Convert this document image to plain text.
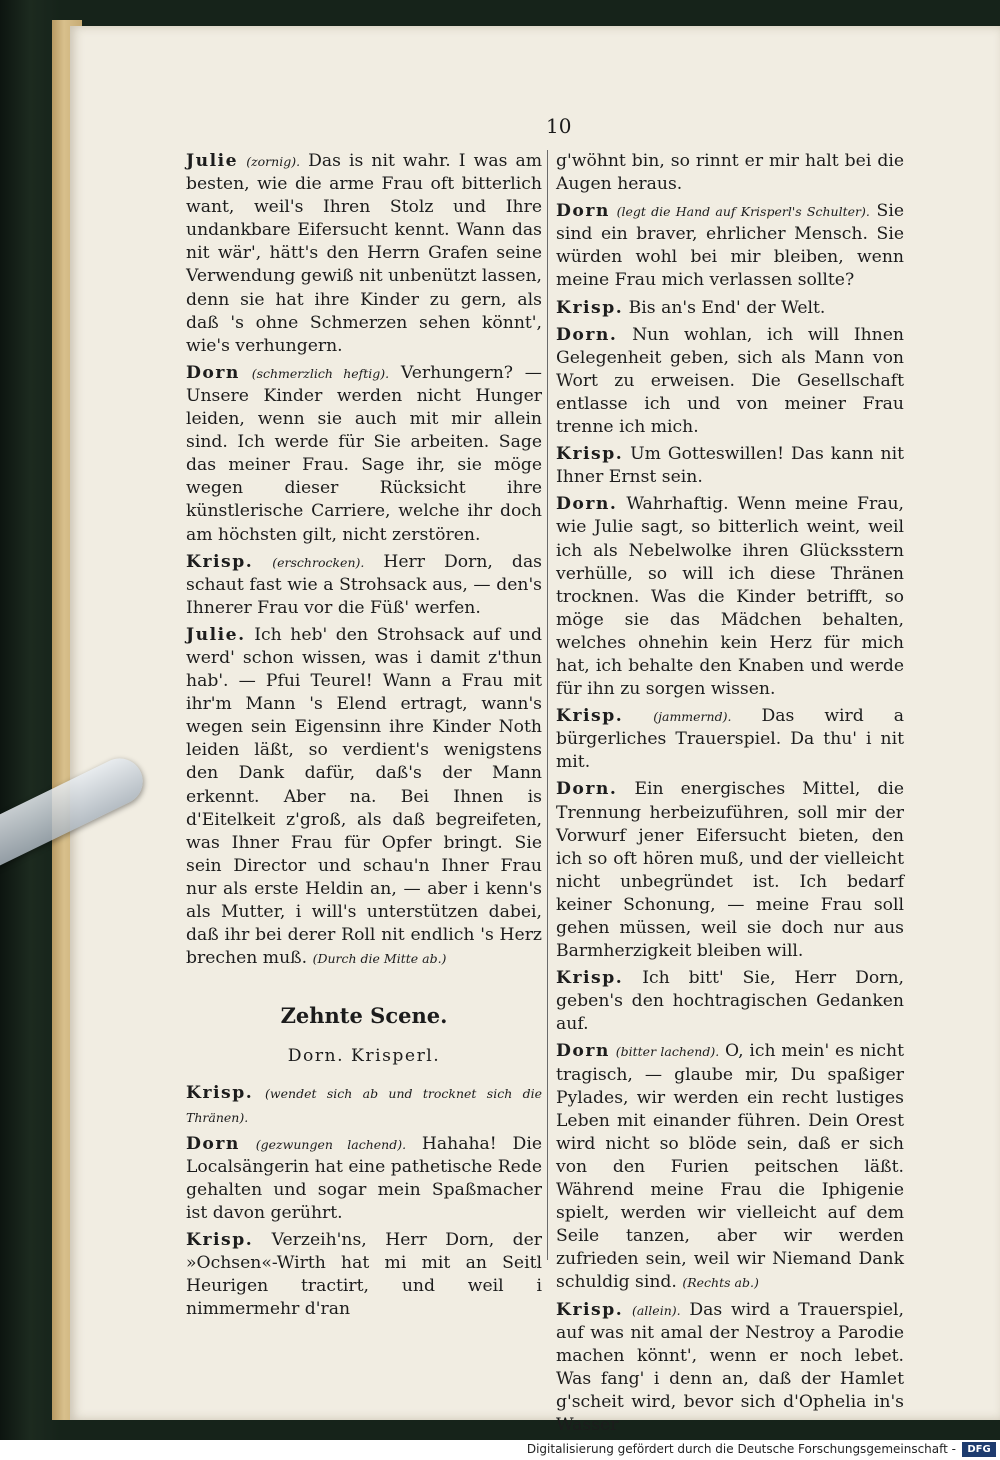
10

Julie (zornig). Das is nit wahr. I was am besten, wie die arme Frau oft bitterlich want, weil's Ihren Stolz und Ihre undankbare Eifersucht kennt. Wann das nit wär', hätt's den Herrn Grafen seine Verwendung gewiß nit unbenützt lassen, denn sie hat ihre Kinder zu gern, als daß 's ohne Schmerzen sehen könnt', wie's verhungern.

Dorn (schmerzlich heftig). Verhungern? — Unsere Kinder werden nicht Hunger leiden, wenn sie auch mit mir allein sind. Ich werde für Sie arbeiten. Sage das meiner Frau. Sage ihr, sie möge wegen dieser Rücksicht ihre künstlerische Carriere, welche ihr doch am höchsten gilt, nicht zerstören.

Krisp. (erschrocken). Herr Dorn, das schaut fast wie a Strohsack aus, — den's Ihnerer Frau vor die Füß' werfen.

Julie. Ich heb' den Strohsack auf und werd' schon wissen, was i damit z'thun hab'. — Pfui Teurel! Wann a Frau mit ihr'm Mann 's Elend ertragt, wann's wegen sein Eigensinn ihre Kinder Noth leiden läßt, so verdient's wenigstens den Dank dafür, daß's der Mann erkennt. Aber na. Bei Ihnen is d'Eitelkeit z'groß, als daß begreifeten, was Ihner Frau für Opfer bringt. Sie sein Director und schau'n Ihner Frau nur als erste Heldin an, — aber i kenn's als Mutter, i will's unterstützen dabei, daß ihr bei derer Roll nit endlich 's Herz brechen muß. (Durch die Mitte ab.)

Zehnte Scene.
Dorn. Krisperl.

Krisp. (wendet sich ab und trocknet sich die Thränen).

Dorn (gezwungen lachend). Hahaha! Die Localsängerin hat eine pathetische Rede gehalten und sogar mein Spaßmacher ist davon gerührt.

Krisp. Verzeih'ns, Herr Dorn, der »Ochsen«-Wirth hat mi mit an Seitl Heurigen tractirt, und weil i nimmermehr d'ran

g'wöhnt bin, so rinnt er mir halt bei die Augen heraus.

Dorn (legt die Hand auf Krisperl's Schulter). Sie sind ein braver, ehrlicher Mensch. Sie würden wohl bei mir bleiben, wenn meine Frau mich verlassen sollte?

Krisp. Bis an's End' der Welt.

Dorn. Nun wohlan, ich will Ihnen Gelegenheit geben, sich als Mann von Wort zu erweisen. Die Gesellschaft entlasse ich und von meiner Frau trenne ich mich.

Krisp. Um Gotteswillen! Das kann nit Ihner Ernst sein.

Dorn. Wahrhaftig. Wenn meine Frau, wie Julie sagt, so bitterlich weint, weil ich als Nebelwolke ihren Glücksstern verhülle, so will ich diese Thränen trocknen. Was die Kinder betrifft, so möge sie das Mädchen behalten, welches ohnehin kein Herz für mich hat, ich behalte den Knaben und werde für ihn zu sorgen wissen.

Krisp. (jammernd). Das wird a bürgerliches Trauerspiel. Da thu' i nit mit.

Dorn. Ein energisches Mittel, die Trennung herbeizuführen, soll mir der Vorwurf jener Eifersucht bieten, den ich so oft hören muß, und der vielleicht nicht unbegründet ist. Ich bedarf keiner Schonung, — meine Frau soll gehen müssen, weil sie doch nur aus Barmherzigkeit bleiben will.

Krisp. Ich bitt' Sie, Herr Dorn, geben's den hochtragischen Gedanken auf.

Dorn (bitter lachend). O, ich mein' es nicht tragisch, — glaube mir, Du spaßiger Pylades, wir werden ein recht lustiges Leben mit einander führen. Dein Orest wird nicht so blöde sein, daß er sich von den Furien peitschen läßt. Während meine Frau die Iphigenie spielt, werden wir vielleicht auf dem Seile tanzen, aber wir werden zufrieden sein, weil wir Niemand Dank schuldig sind. (Rechts ab.)

Krisp. (allein). Das wird a Trauerspiel, auf was nit amal der Nestroy a Parodie machen könnt', wenn er noch lebet. Was fang' i denn an, daß der Hamlet g'scheit wird, bevor sich d'Ophelia in's Wasser

Digitalisierung gefördert durch die Deutsche Forschungsgemeinschaft -	DFG
